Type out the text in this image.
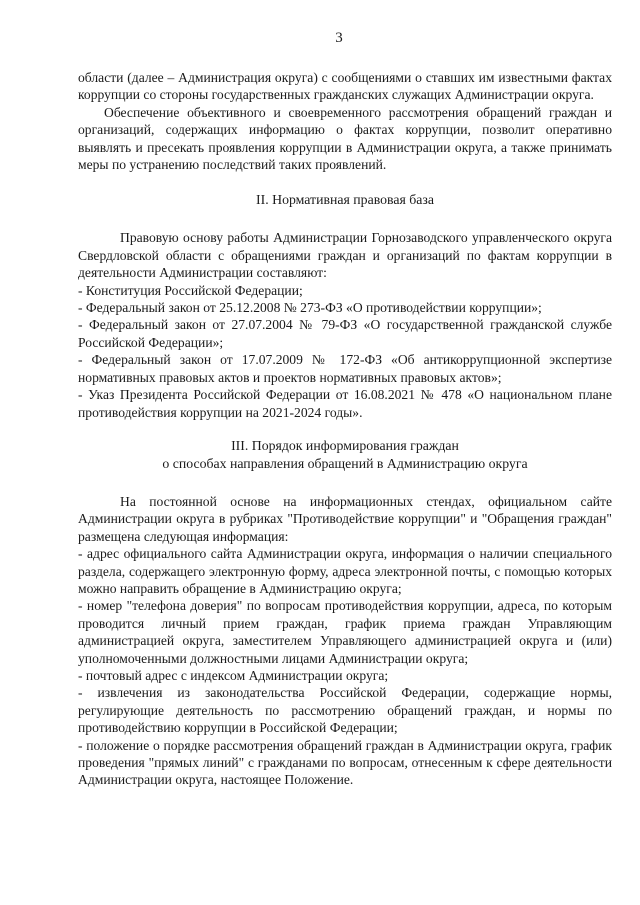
3

области (далее – Администрация округа) с сообщениями о ставших им известными фактах коррупции со стороны государственных гражданских служащих Администрации округа.

Обеспечение объективного и своевременного рассмотрения обращений граждан и организаций, содержащих информацию о фактах коррупции, позволит оперативно выявлять и пресекать проявления коррупции в Администрации округа, а также принимать меры по устранению последствий таких проявлений.

II. Нормативная правовая база

Правовую основу работы Администрации Горнозаводского управленческого округа Свердловской области с обращениями граждан и организаций по фактам коррупции в деятельности Администрации составляют:

- Конституция Российской Федерации;
- Федеральный закон от 25.12.2008 № 273-ФЗ «О противодействии коррупции»;
- Федеральный закон от 27.07.2004 № 79-ФЗ «О государственной гражданской службе Российской Федерации»;
- Федеральный закон от 17.07.2009 № 172-ФЗ «Об антикоррупционной экспертизе нормативных правовых актов и проектов нормативных правовых актов»;
- Указ Президента Российской Федерации от 16.08.2021 № 478 «О национальном плане противодействия коррупции на 2021-2024 годы».

III. Порядок информирования граждан

о способах направления обращений в Администрацию округа

На постоянной основе на информационных стендах, официальном сайте Администрации округа в рубриках "Противодействие коррупции" и "Обращения граждан" размещена следующая информация:

- адрес официального сайта Администрации округа, информация о наличии специального раздела, содержащего электронную форму, адреса электронной почты, с помощью которых можно направить обращение в Администрацию округа;
- номер "телефона доверия" по вопросам противодействия коррупции, адреса, по которым проводится личный прием граждан, график приема граждан Управляющим администрацией округа, заместителем Управляющего администрацией округа и (или) уполномоченными должностными лицами Администрации округа;
- почтовый адрес с индексом Администрации округа;
- извлечения из законодательства Российской Федерации, содержащие нормы, регулирующие деятельность по рассмотрению обращений граждан, и нормы по противодействию коррупции в Российской Федерации;
- положение о порядке рассмотрения обращений граждан в Администрации округа, график проведения "прямых линий" с гражданами по вопросам, отнесенным к сфере деятельности Администрации округа, настоящее Положение.
